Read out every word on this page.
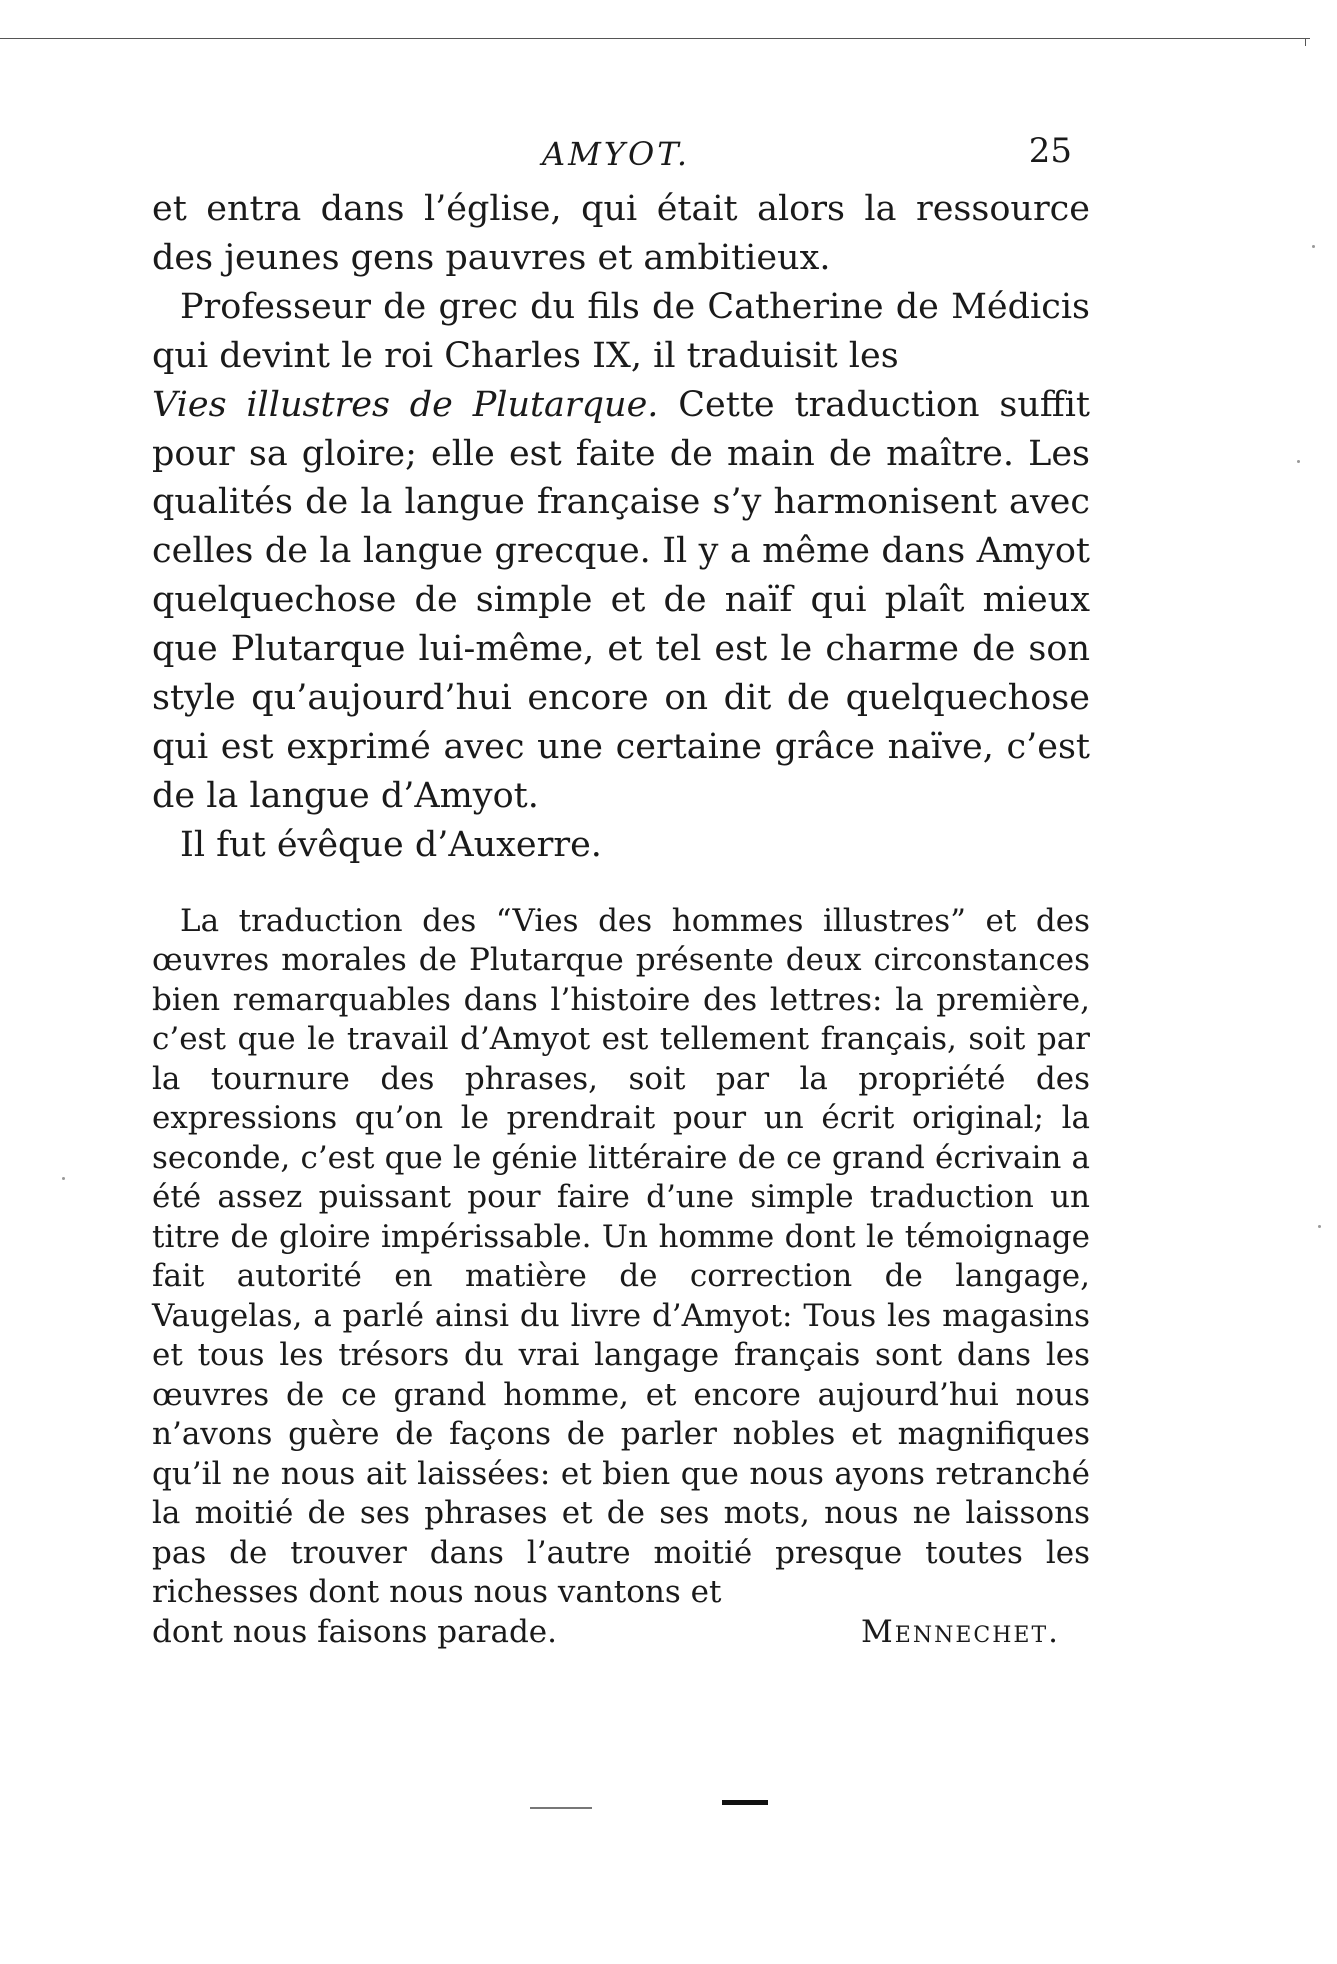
AMYOT.	25

et entra dans l’église, qui était alors la ressource des jeunes gens pauvres et ambitieux.

Professeur de grec du fils de Catherine de Médicis qui devint le roi Charles IX, il traduisit les
Vies illustres de Plutarque. Cette traduction suffit pour sa gloire; elle est faite de main de maître. Les qualités de la langue française s’y harmonisent avec celles de la langue grecque. Il y a même dans Amyot quelquechose de simple et de naïf qui plaît mieux que Plutarque lui-même, et tel est le charme de son style qu’aujourd’hui encore on dit de quelquechose qui est exprimé avec une certaine grâce naïve, c’est de la langue d’Amyot.

Il fut évêque d’Auxerre.

La traduction des “Vies des hommes illustres” et des œuvres morales de Plutarque présente deux circonstances bien remarquables dans l’histoire des lettres: la première, c’est que le travail d’Amyot est tellement français, soit par la tournure des phrases, soit par la propriété des expressions qu’on le prendrait pour un écrit original; la seconde, c’est que le génie littéraire de ce grand écrivain a été assez puissant pour faire d’une simple traduction un titre de gloire impérissable. Un homme dont le témoignage fait autorité en matière de correction de langage, Vaugelas, a parlé ainsi du livre d’Amyot: Tous les magasins et tous les trésors du vrai langage français sont dans les œuvres de ce grand homme, et encore aujourd’hui nous n’avons guère de façons de parler nobles et magnifiques qu’il ne nous ait laissées: et bien que nous ayons retranché la moitié de ses phrases et de ses mots, nous ne laissons pas de trouver dans l’autre moitié presque toutes les richesses dont nous nous vantons et

dont nous faisons parade.	Mennechet.
